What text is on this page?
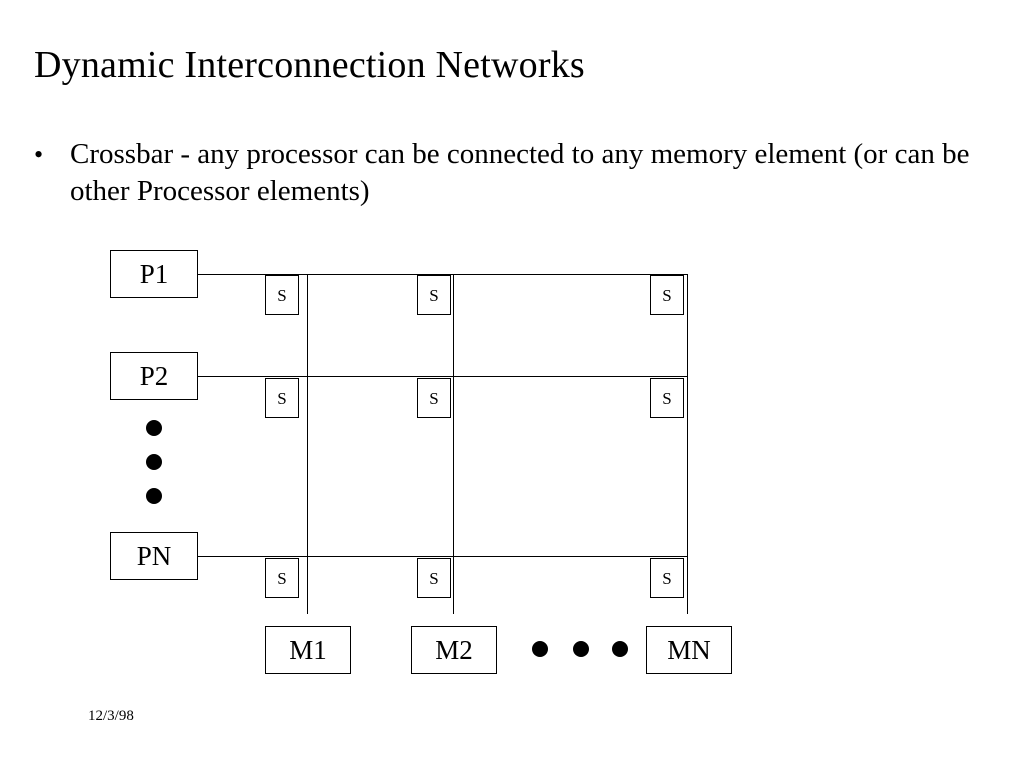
Dynamic Interconnection Networks
• Crossbar - any processor can be connected to any memory element (or can be other Processor elements)
P1
P2
PN
S	S	S
S	S	S
S	S	S
M1	M2	MN
12/3/98
